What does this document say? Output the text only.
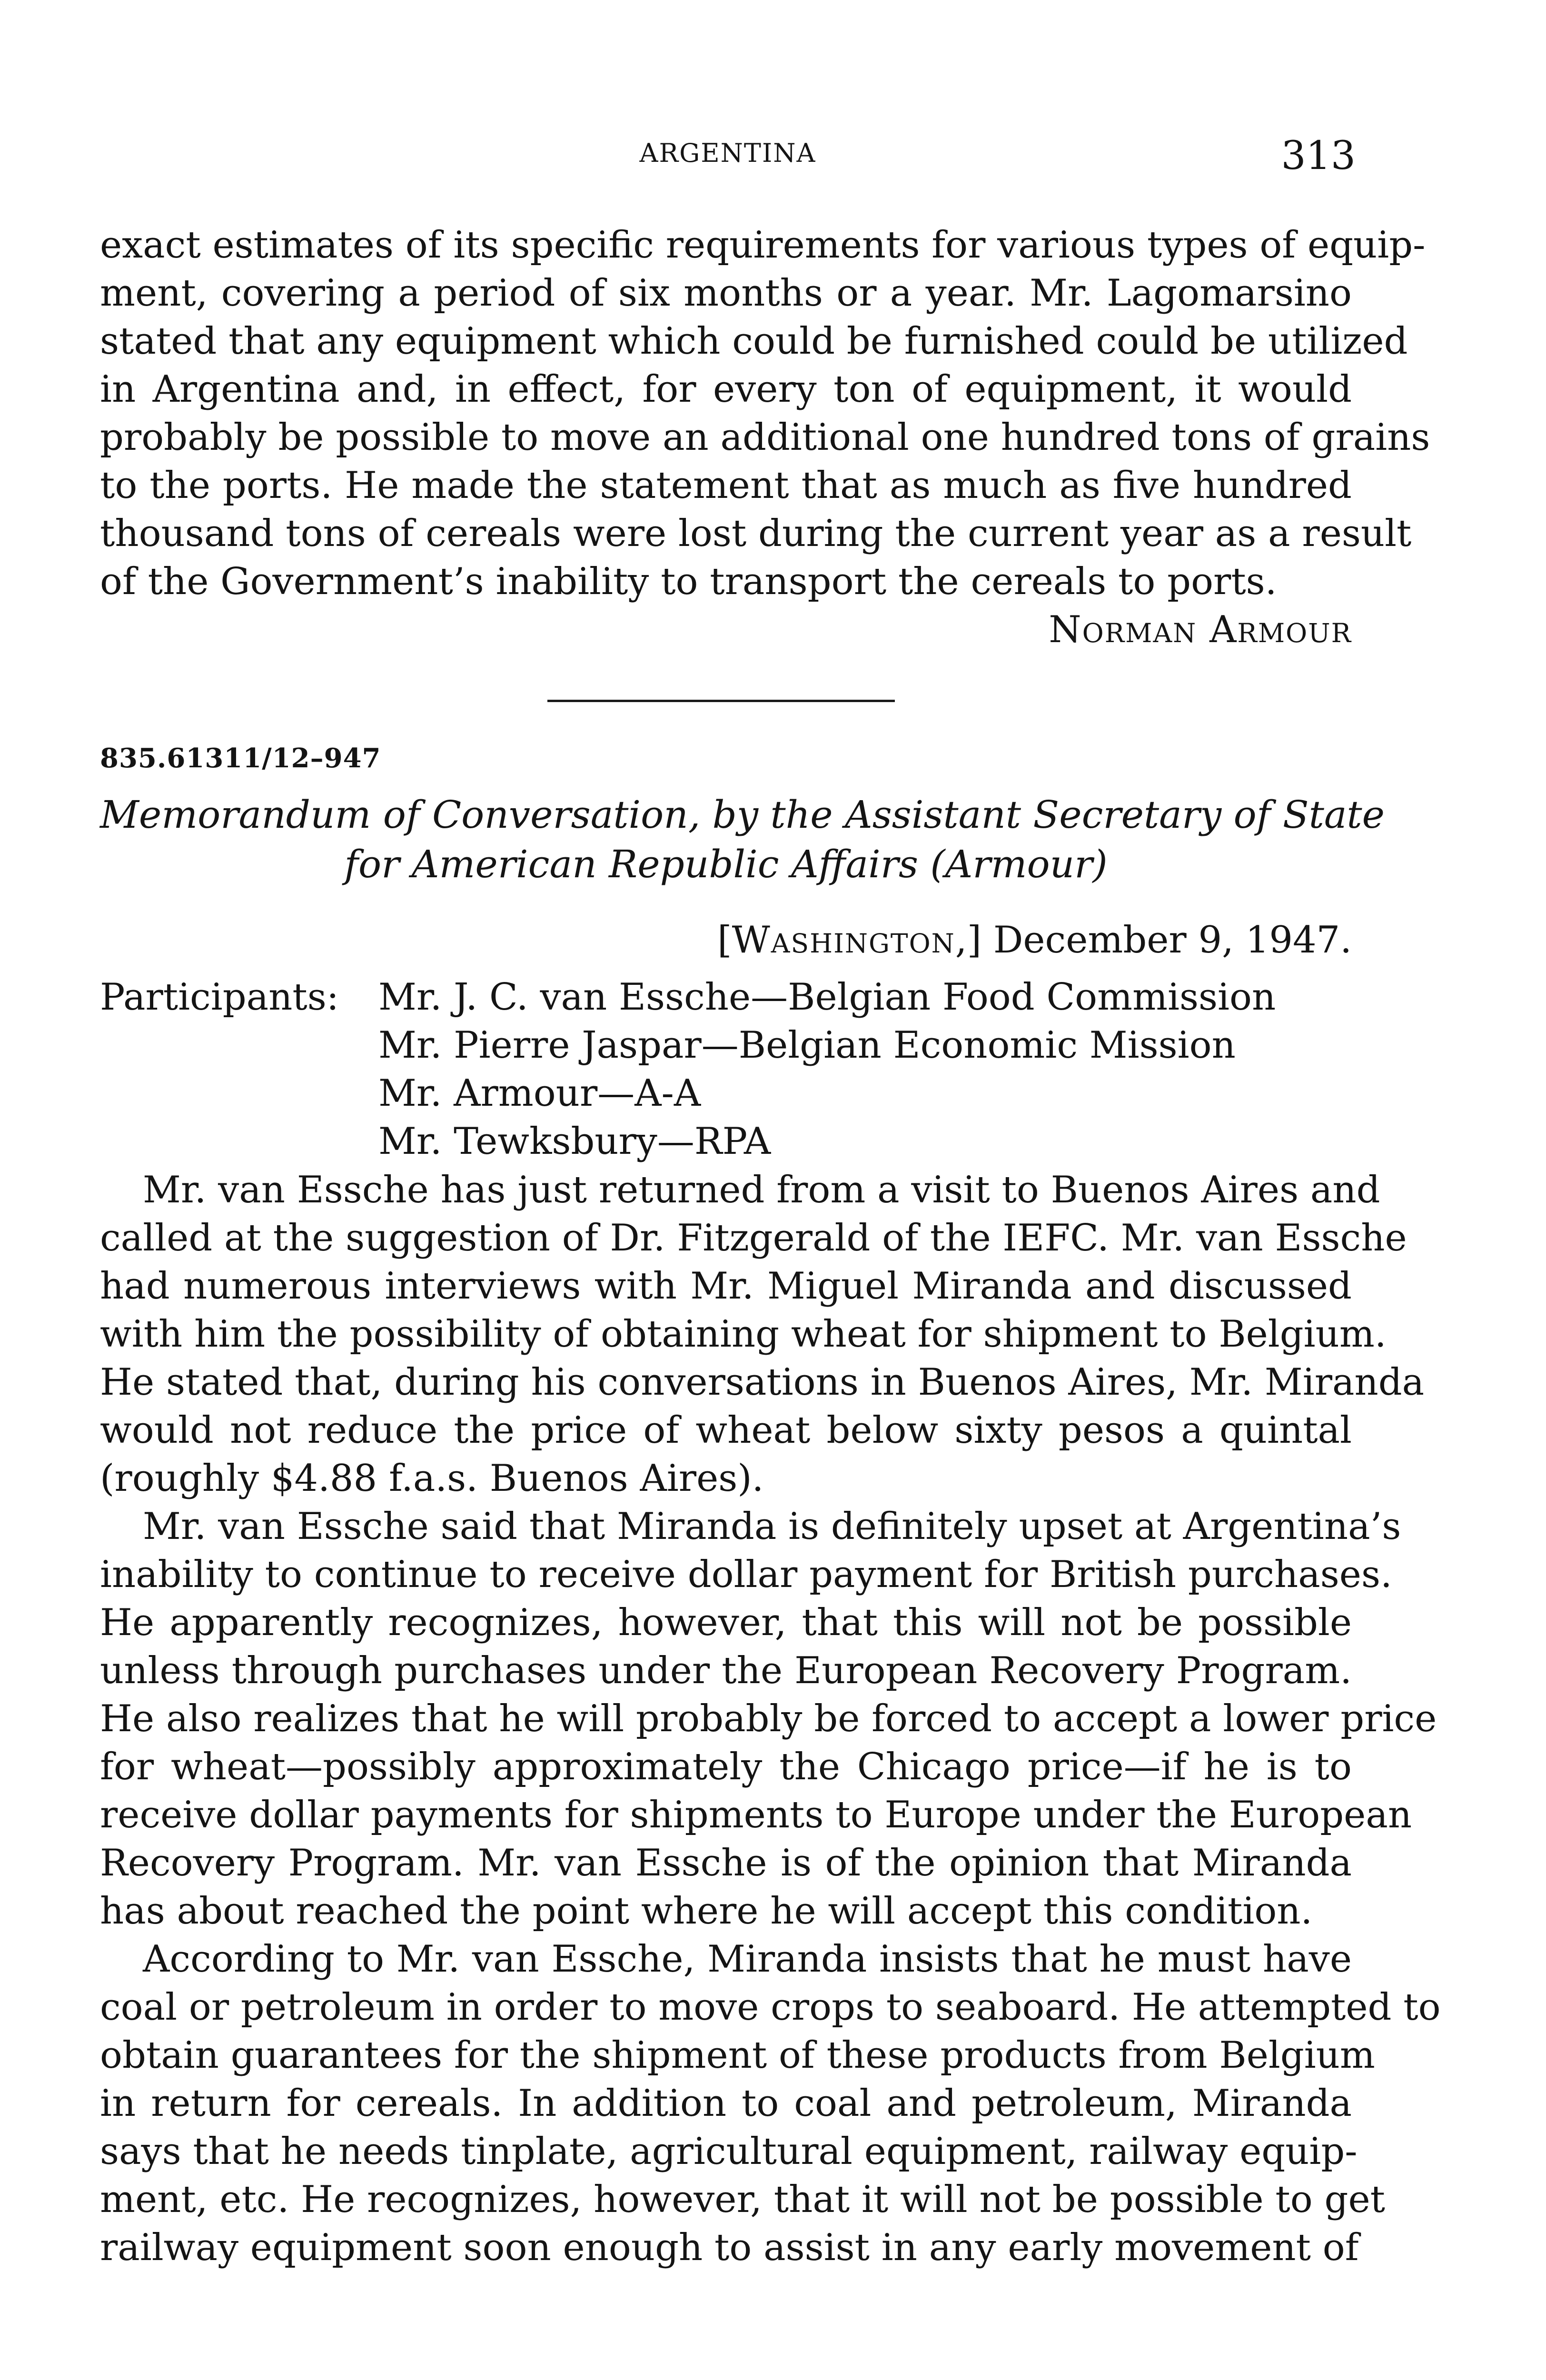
ARGENTINA	313
exact estimates of its specific requirements for various types of equip-
ment, covering a period of six months or a year. Mr. Lagomarsino
stated that any equipment which could be furnished could be utilized
in Argentina and, in effect, for every ton of equipment, it would
probably be possible to move an additional one hundred tons of grains
to the ports. He made the statement that as much as five hundred
thousand tons of cereals were lost during the current year as a result
of the Government’s inability to transport the cereals to ports.
Norman Armour
835.61311/12–947
Memorandum of Conversation, by the Assistant Secretary of State
for American Republic Affairs (Armour)
[Washington,] December 9, 1947.
Participants: Mr. J. C. van Essche—Belgian Food Commission
Mr. Pierre Jaspar—Belgian Economic Mission
Mr. Armour—A-A
Mr. Tewksbury—RPA
Mr. van Essche has just returned from a visit to Buenos Aires and
called at the suggestion of Dr. Fitzgerald of the IEFC. Mr. van Essche
had numerous interviews with Mr. Miguel Miranda and discussed
with him the possibility of obtaining wheat for shipment to Belgium.
He stated that, during his conversations in Buenos Aires, Mr. Miranda
would not reduce the price of wheat below sixty pesos a quintal
(roughly $4.88 f.a.s. Buenos Aires).
Mr. van Essche said that Miranda is definitely upset at Argentina’s
inability to continue to receive dollar payment for British purchases.
He apparently recognizes, however, that this will not be possible
unless through purchases under the European Recovery Program.
He also realizes that he will probably be forced to accept a lower price
for wheat—possibly approximately the Chicago price—if he is to
receive dollar payments for shipments to Europe under the European
Recovery Program. Mr. van Essche is of the opinion that Miranda
has about reached the point where he will accept this condition.
According to Mr. van Essche, Miranda insists that he must have
coal or petroleum in order to move crops to seaboard. He attempted to
obtain guarantees for the shipment of these products from Belgium
in return for cereals. In addition to coal and petroleum, Miranda
says that he needs tinplate, agricultural equipment, railway equip-
ment, etc. He recognizes, however, that it will not be possible to get
railway equipment soon enough to assist in any early movement of
